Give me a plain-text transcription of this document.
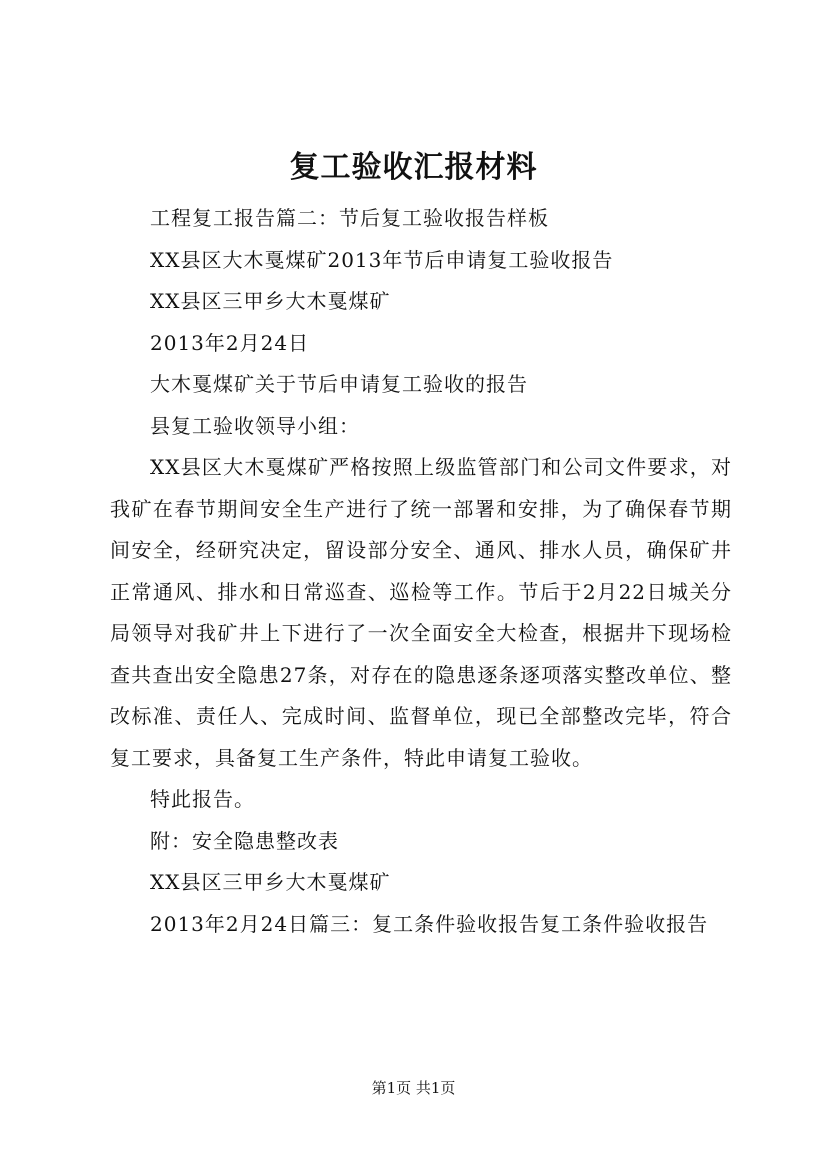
复工验收汇报材料

工程复工报告篇二：节后复工验收报告样板

XX县区大木戛煤矿2013年节后申请复工验收报告

XX县区三甲乡大木戛煤矿

2013年2月24日

大木戛煤矿关于节后申请复工验收的报告

县复工验收领导小组：

XX县区大木戛煤矿严格按照上级监管部门和公司文件要求，对我矿在春节期间安全生产进行了统一部署和安排，为了确保春节期间安全，经研究决定，留设部分安全、通风、排水人员，确保矿井正常通风、排水和日常巡查、巡检等工作。节后于2月22日城关分局领导对我矿井上下进行了一次全面安全大检查，根据井下现场检查共查出安全隐患27条，对存在的隐患逐条逐项落实整改单位、整改标准、责任人、完成时间、监督单位，现已全部整改完毕，符合复工要求，具备复工生产条件，特此申请复工验收。

特此报告。

附：安全隐患整改表

XX县区三甲乡大木戛煤矿

2013年2月24日篇三：复工条件验收报告复工条件验收报告

第1页 共1页
